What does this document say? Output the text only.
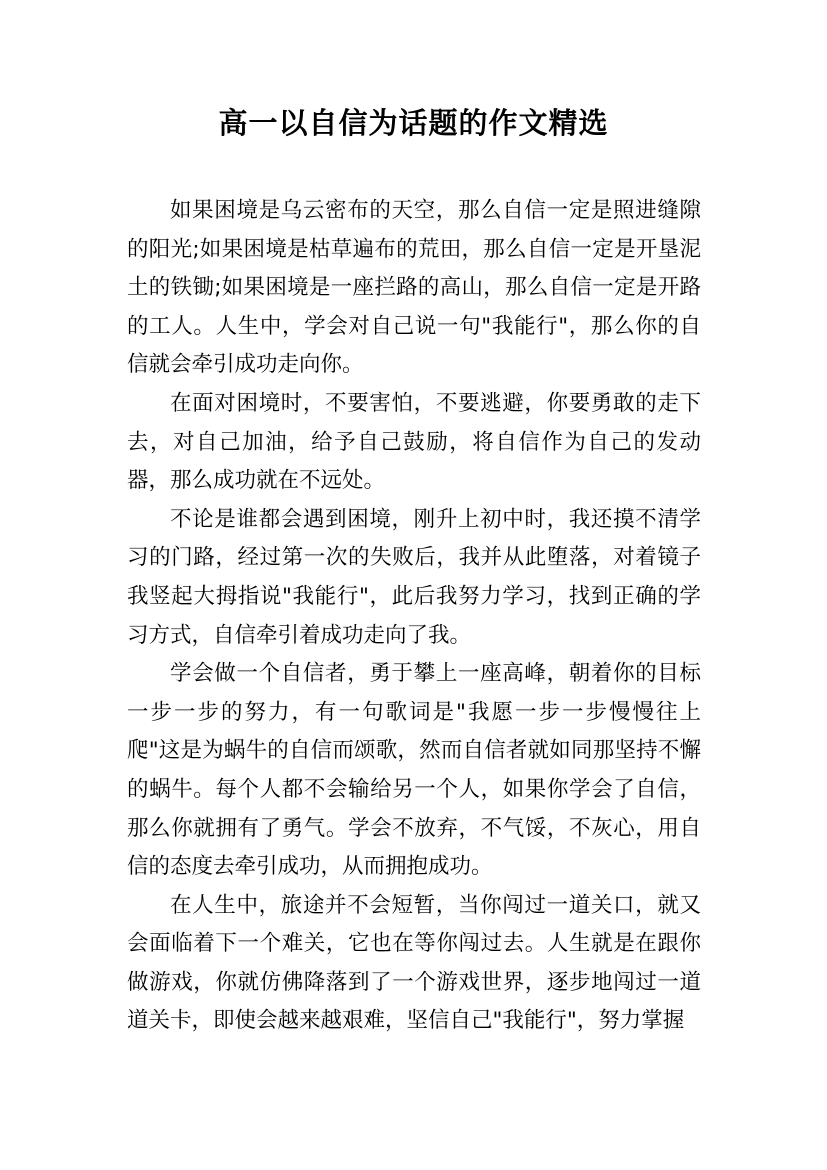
高一以自信为话题的作文精选

如果困境是乌云密布的天空，那么自信一定是照进缝隙的阳光;如果困境是枯草遍布的荒田，那么自信一定是开垦泥土的铁锄;如果困境是一座拦路的高山，那么自信一定是开路的工人。人生中，学会对自己说一句"我能行"，那么你的自信就会牵引成功走向你。

在面对困境时，不要害怕，不要逃避，你要勇敢的走下去，对自己加油，给予自己鼓励，将自信作为自己的发动器，那么成功就在不远处。

不论是谁都会遇到困境，刚升上初中时，我还摸不清学习的门路，经过第一次的失败后，我并从此堕落，对着镜子我竖起大拇指说"我能行"，此后我努力学习，找到正确的学习方式，自信牵引着成功走向了我。

学会做一个自信者，勇于攀上一座高峰，朝着你的目标一步一步的努力，有一句歌词是"我愿一步一步慢慢往上爬"这是为蜗牛的自信而颂歌，然而自信者就如同那坚持不懈的蜗牛。每个人都不会输给另一个人，如果你学会了自信，那么你就拥有了勇气。学会不放弃，不气馁，不灰心，用自信的态度去牵引成功，从而拥抱成功。

在人生中，旅途并不会短暂，当你闯过一道关口，就又会面临着下一个难关，它也在等你闯过去。人生就是在跟你做游戏，你就仿佛降落到了一个游戏世界，逐步地闯过一道道关卡，即使会越来越艰难，坚信自己"我能行"，努力掌握
